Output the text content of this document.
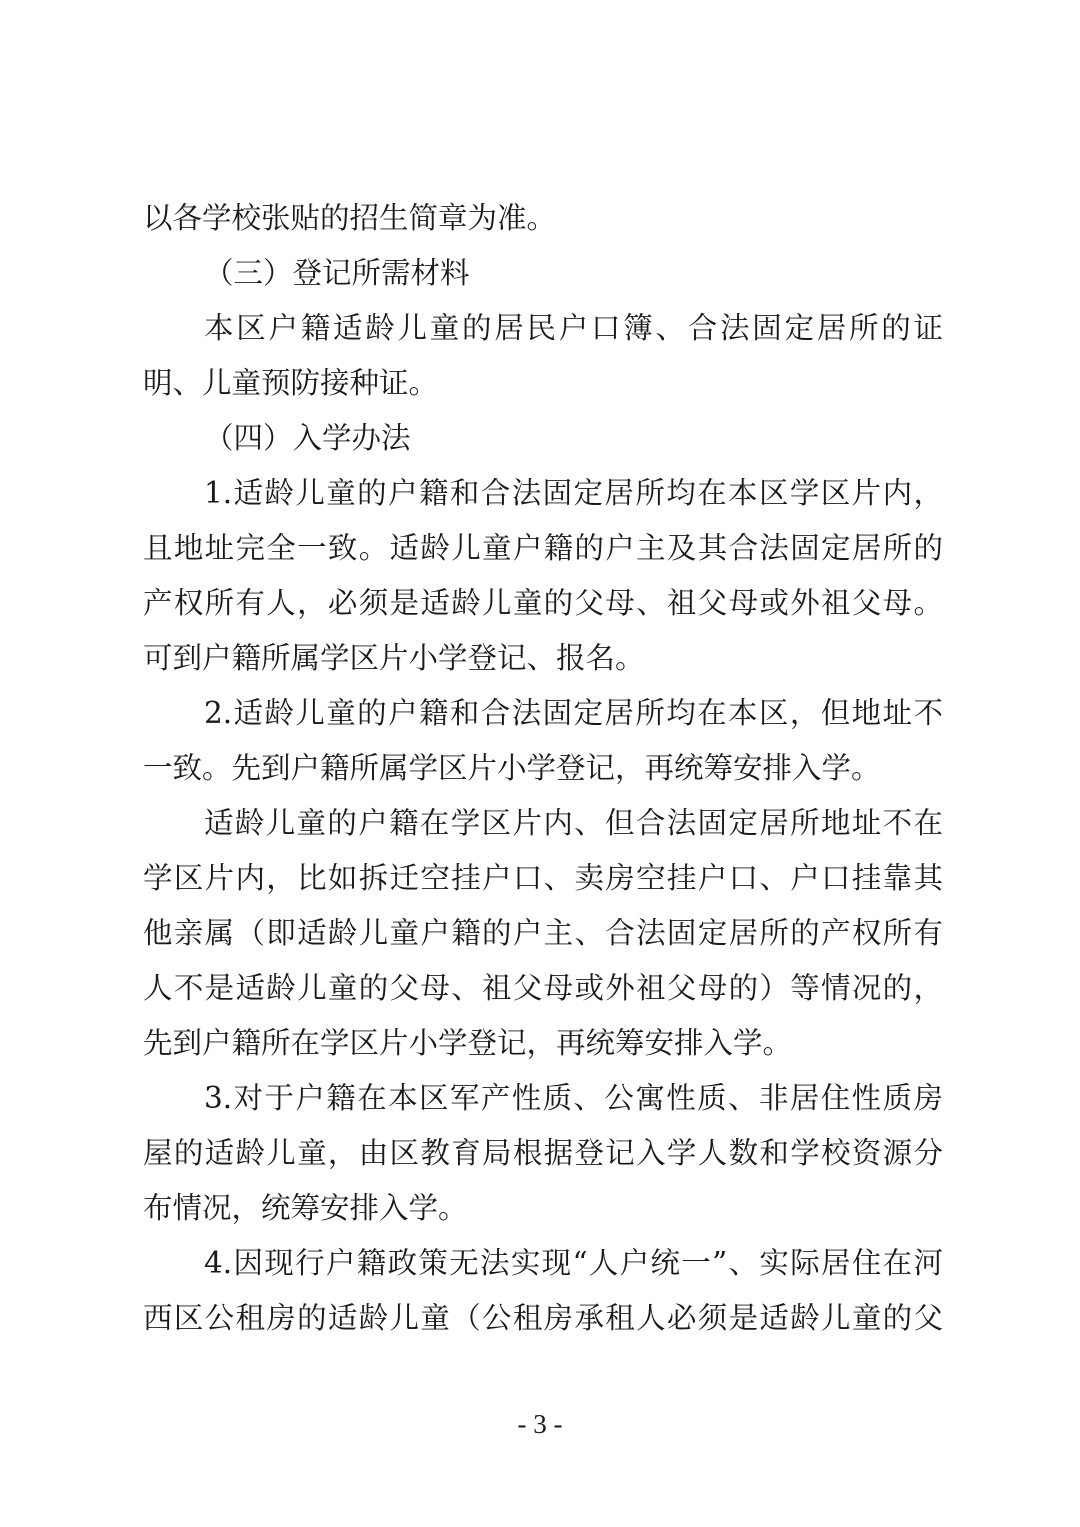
以各学校张贴的招生简章为准。
（三）登记所需材料
本区户籍适龄儿童的居民户口簿、合法固定居所的证
明、儿童预防接种证。
（四）入学办法
1.适龄儿童的户籍和合法固定居所均在本区学区片内，
且地址完全一致。适龄儿童户籍的户主及其合法固定居所的
产权所有人，必须是适龄儿童的父母、祖父母或外祖父母。
可到户籍所属学区片小学登记、报名。
2.适龄儿童的户籍和合法固定居所均在本区，但地址不
一致。先到户籍所属学区片小学登记，再统筹安排入学。
适龄儿童的户籍在学区片内、但合法固定居所地址不在
学区片内，比如拆迁空挂户口、卖房空挂户口、户口挂靠其
他亲属（即适龄儿童户籍的户主、合法固定居所的产权所有
人不是适龄儿童的父母、祖父母或外祖父母的）等情况的，
先到户籍所在学区片小学登记，再统筹安排入学。
3.对于户籍在本区军产性质、公寓性质、非居住性质房
屋的适龄儿童，由区教育局根据登记入学人数和学校资源分
布情况，统筹安排入学。
4.因现行户籍政策无法实现“人户统一”、实际居住在河
西区公租房的适龄儿童（公租房承租人必须是适龄儿童的父
- 3 -
